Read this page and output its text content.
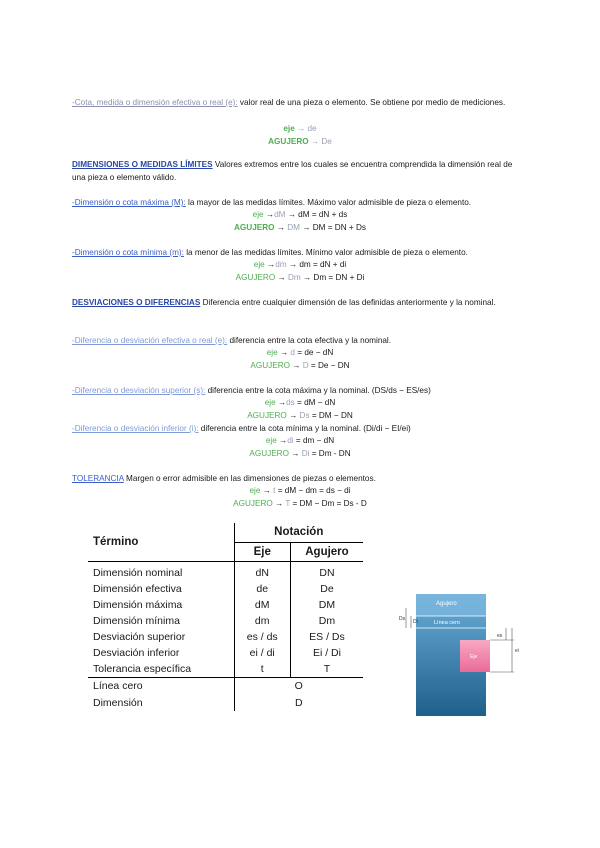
-Cota, medida o dimensión efectiva o real (e): valor real de una pieza o elemento. Se obtiene por medio de mediciones.
eje → de
AGUJERO → De
DIMENSIONES O MEDIDAS LÍMITES Valores extremos entre los cuales se encuentra comprendida la dimensión real de una pieza o elemento válido.
-Dimensión o cota máxima (M): la mayor de las medidas límites. Máximo valor admisible de pieza o elemento.
eje →dM → dM = dN + ds
AGUJERO → DM → DM = DN + Ds
-Dimensión o cota mínima (m): la menor de las medidas límites. Mínimo valor admisible de pieza o elemento.
eje →dm → dm = dN + di
AGUJERO → Dm → Dm = DN + Di
DESVIACIONES O DIFERENCIAS Diferencia entre cualquier dimensión de las definidas anteriormente y la nominal.
-Diferencia o desviación efectiva o real (e): diferencia entre la cota efectiva y la nominal.
eje → d = de − dN
AGUJERO → D = De − DN
-Diferencia o desviación superior (s): diferencia entre la cota máxima y la nominal. (DS/ds − ES/es)
eje →ds = dM − dN
AGUJERO → Ds = DM − DN
-Diferencia o desviación inferior (i): diferencia entre la cota mínima y la nominal. (Di/di − EI/ei)
eje →di = dm − dN
AGUJERO → Di = Dm - DN
TOLERANCIA Margen o error admisible en las dimensiones de piezas o elementos.
eje → t = dM − dm = ds − di
AGUJERO → T = DM − Dm = Ds - D
Término	Notación	
	Eje	Agujero

Dimensión nominal	dN	DN
Dimensión efectiva	de	De
Dimensión máxima	dM	DM
Dimensión mínima	dm	Dm
Desviación superior	es / ds	ES / Ds
Desviación inferior	ei / di	Ei / Di
Tolerancia específica	t	T
Línea cero	O	
Dimensión	D	
Agujero
Línea cero
Eje
Ds Di
es
ei
